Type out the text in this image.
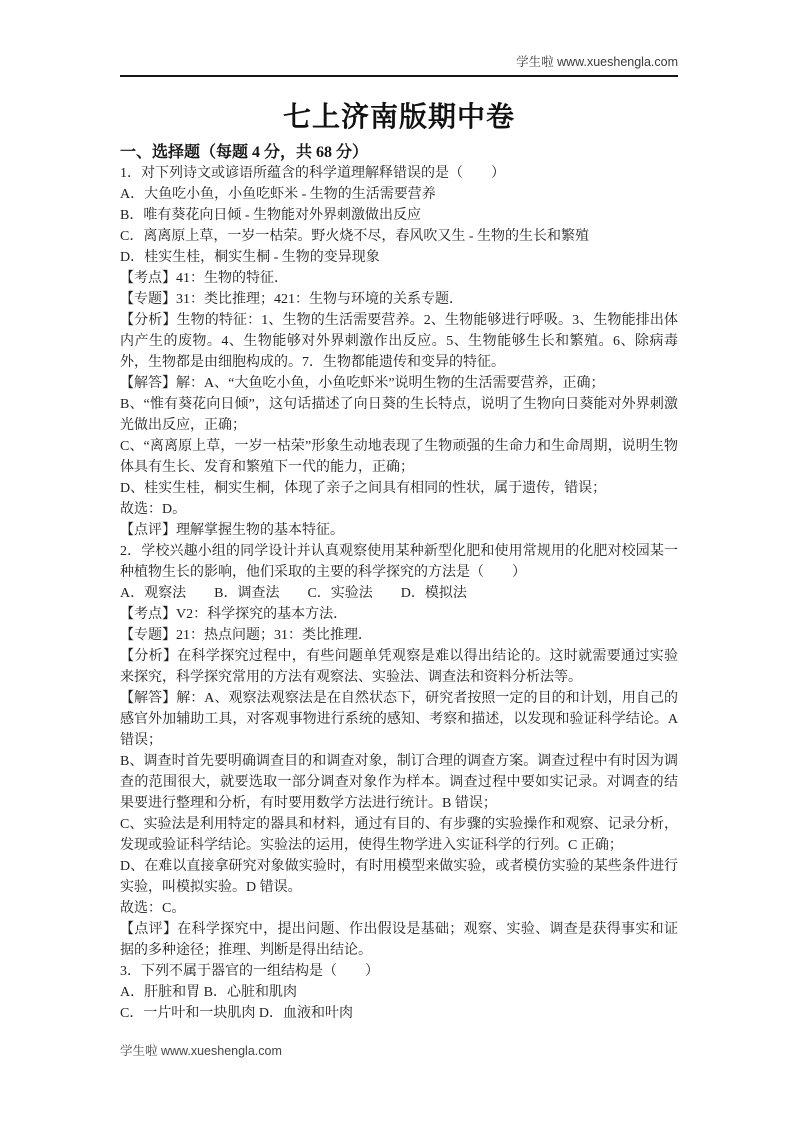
学生啦 www.xueshengla.com
七上济南版期中卷
一、选择题（每题 4 分，共 68 分）

1．对下列诗文或谚语所蕴含的科学道理解释错误的是（　　）

A．大鱼吃小鱼，小鱼吃虾米 - 生物的生活需要营养

B．唯有葵花向日倾 - 生物能对外界刺激做出反应

C．离离原上草，一岁一枯荣。野火烧不尽，春风吹又生 - 生物的生长和繁殖

D．桂实生桂，桐实生桐 - 生物的变异现象

【考点】41：生物的特征．

【专题】31：类比推理；421：生物与环境的关系专题．

【分析】生物的特征：1、生物的生活需要营养。2、生物能够进行呼吸。3、生物能排出体内产生的废物。4、生物能够对外界刺激作出反应。5、生物能够生长和繁殖。6、除病毒外，生物都是由细胞构成的。7．生物都能遗传和变异的特征。

【解答】解：A、“大鱼吃小鱼，小鱼吃虾米”说明生物的生活需要营养，正确；

B、“惟有葵花向日倾”，这句话描述了向日葵的生长特点，说明了生物向日葵能对外界刺激光做出反应，正确；

C、“离离原上草，一岁一枯荣”形象生动地表现了生物顽强的生命力和生命周期，说明生物体具有生长、发育和繁殖下一代的能力，正确；

D、桂实生桂，桐实生桐，体现了亲子之间具有相同的性状，属于遗传，错误；

故选：D。

【点评】理解掌握生物的基本特征。

2．学校兴趣小组的同学设计并认真观察使用某种新型化肥和使用常规用的化肥对校园某一种植物生长的影响，他们采取的主要的科学探究的方法是（　　）

A．观察法　　B．调查法　　C．实验法　　D．模拟法

【考点】V2：科学探究的基本方法．

【专题】21：热点问题；31：类比推理．

【分析】在科学探究过程中，有些问题单凭观察是难以得出结论的。这时就需要通过实验来探究，科学探究常用的方法有观察法、实验法、调查法和资料分析法等。

【解答】解：A、观察法观察法是在自然状态下，研究者按照一定的目的和计划，用自己的感官外加辅助工具，对客观事物进行系统的感知、考察和描述，以发现和验证科学结论。A 错误；

B、调查时首先要明确调查目的和调查对象，制订合理的调查方案。调查过程中有时因为调查的范围很大，就要选取一部分调查对象作为样本。调查过程中要如实记录。对调查的结果要进行整理和分析，有时要用数学方法进行统计。B 错误；

C、实验法是利用特定的器具和材料，通过有目的、有步骤的实验操作和观察、记录分析，发现或验证科学结论。实验法的运用，使得生物学进入实证科学的行列。C 正确；

D、在难以直接拿研究对象做实验时，有时用模型来做实验，或者模仿实验的某些条件进行实验，叫模拟实验。D 错误。

故选：C。

【点评】在科学探究中，提出问题、作出假设是基础；观察、实验、调查是获得事实和证据的多种途径；推理、判断是得出结论。

3．下列不属于器官的一组结构是（　　）

A．肝脏和胃 B．心脏和肌肉

C．一片叶和一块肌肉 D．血液和叶肉

学生啦 www.xueshengla.com
